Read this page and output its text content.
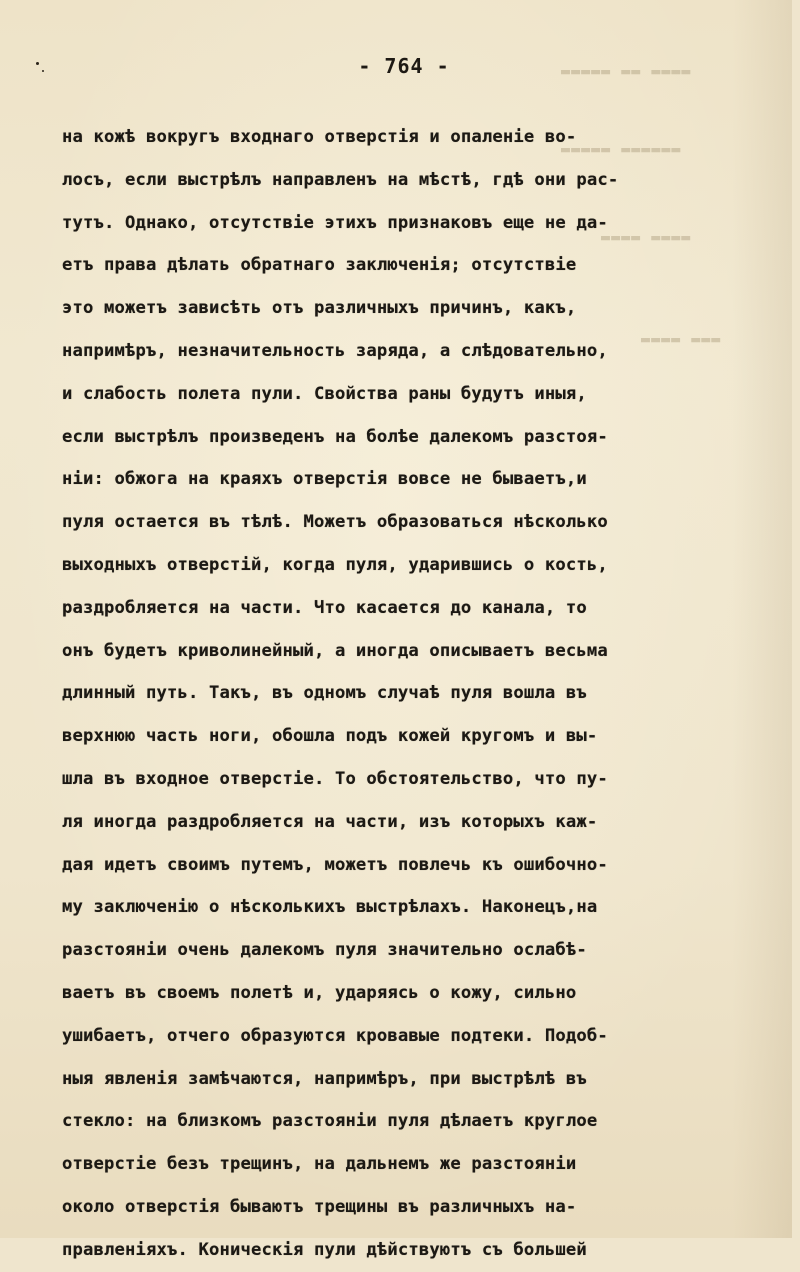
▬▬▬▬ ▬▬ ▬▬▬▬▬
▬▬▬▬▬▬ ▬▬▬▬▬
▬▬▬▬ ▬▬▬▬
▬▬▬ ▬▬▬▬
- 764 -
на кожѣ вокругъ входнаго отверстія и опаленіе во-
лосъ, если выстрѣлъ направленъ на мѣстѣ, гдѣ они рас-
тутъ. Однако, отсутствіе этихъ признаковъ еще не да-
етъ права дѣлать обратнаго заключенія; отсутствіе
это можетъ зависѣть отъ различныхъ причинъ, какъ,
напримѣръ, незначительность заряда, а слѣдовательно,
и слабость полета пули. Свойства раны будутъ иныя,
если выстрѣлъ произведенъ на болѣе далекомъ разстоя-
ніи: обжога на краяхъ отверстія вовсе не бываетъ,и
пуля остается въ тѣлѣ. Можетъ образоваться нѣсколько
выходныхъ отверстій, когда пуля, ударившись о кость,
раздробляется на части. Что касается до канала, то
онъ будетъ криволинейный, а иногда описываетъ весьма
длинный путь. Такъ, въ одномъ случаѣ пуля вошла въ
верхнюю часть ноги, обошла подъ кожей кругомъ и вы-
шла въ входное отверстіе. То обстоятельство, что пу-
ля иногда раздробляется на части, изъ которыхъ каж-
дая идетъ своимъ путемъ, можетъ повлечь къ ошибочно-
му заключенію о нѣсколькихъ выстрѣлахъ. Наконецъ,на
разстояніи очень далекомъ пуля значительно ослабѣ-
ваетъ въ своемъ полетѣ и, ударяясь о кожу, сильно
ушибаетъ, отчего образуются кровавые подтеки. Подоб-
ныя явленія замѣчаются, напримѣръ, при выстрѣлѣ въ
стекло: на близкомъ разстояніи пуля дѣлаетъ круглое
отверстіе безъ трещинъ, на дальнемъ же разстояніи
около отверстія бываютъ трещины въ различныхъ на-
правленіяхъ. Коническія пули дѣйствуютъ съ большей
